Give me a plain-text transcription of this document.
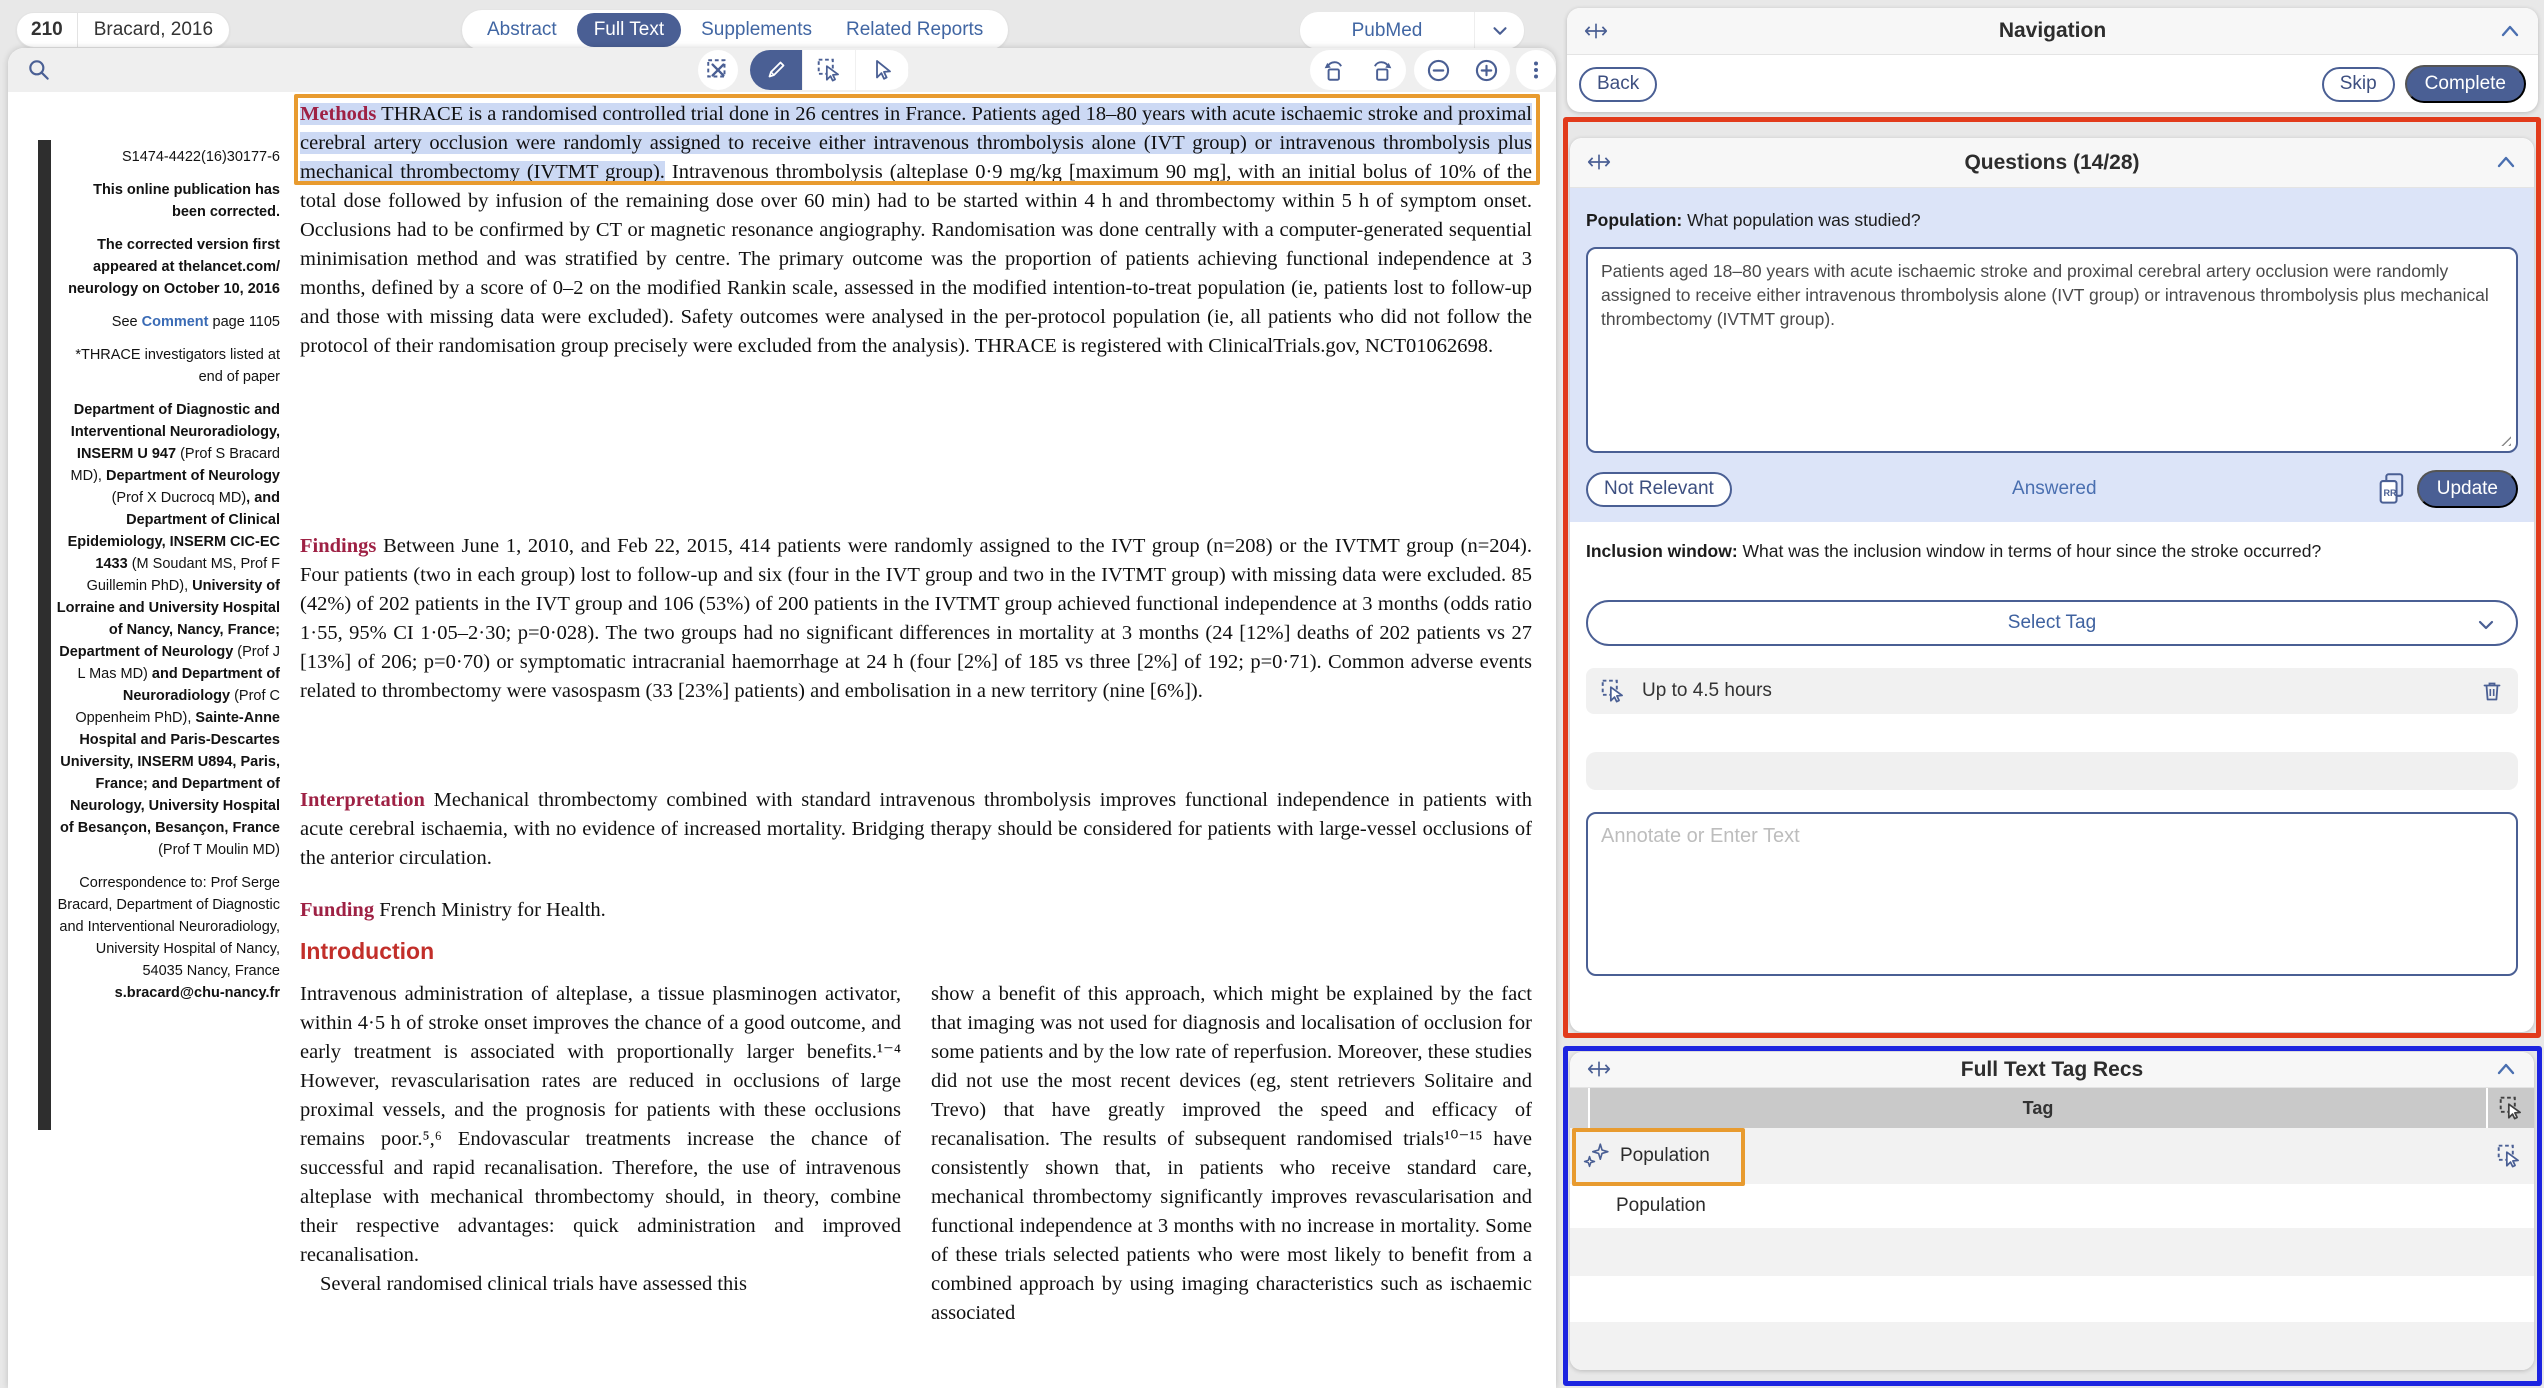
210	Bracard, 2016	Abstract	Full Text	Supplements	Related Reports	PubMed
S1474-4422(16)30177-6
This online publication has been corrected.
The corrected version first appeared at thelancet.com/ neurology on October 10, 2016
See Comment page 1105
*THRACE investigators listed at end of paper
Department of Diagnostic and Interventional Neuroradiology, INSERM U 947 (Prof S Bracard MD), Department of Neurology (Prof X Ducrocq MD), and Department of Clinical Epidemiology, INSERM CIC-EC 1433 (M Soudant MS, Prof F Guillemin PhD), University of Lorraine and University Hospital of Nancy, Nancy, France; Department of Neurology (Prof J L Mas MD) and Department of Neuroradiology (Prof C Oppenheim PhD), Sainte-Anne Hospital and Paris-Descartes University, INSERM U894, Paris, France; and Department of Neurology, University Hospital of Besançon, Besançon, France (Prof T Moulin MD)
Correspondence to: Prof Serge Bracard, Department of Diagnostic and Interventional Neuroradiology, University Hospital of Nancy, 54035 Nancy, France s.bracard@chu-nancy.fr
Methods THRACE is a randomised controlled trial done in 26 centres in France. Patients aged 18–80 years with acute ischaemic stroke and proximal cerebral artery occlusion were randomly assigned to receive either intravenous thrombolysis alone (IVT group) or intravenous thrombolysis plus mechanical thrombectomy (IVTMT group). Intravenous thrombolysis (alteplase 0·9 mg/kg [maximum 90 mg], with an initial bolus of 10% of the total dose followed by infusion of the remaining dose over 60 min) had to be started within 4 h and thrombectomy within 5 h of symptom onset. Occlusions had to be confirmed by CT or magnetic resonance angiography. Randomisation was done centrally with a computer-generated sequential minimisation method and was stratified by centre. The primary outcome was the proportion of patients achieving functional independence at 3 months, defined by a score of 0–2 on the modified Rankin scale, assessed in the modified intention-to-treat population (ie, patients lost to follow-up and those with missing data were excluded). Safety outcomes were analysed in the per-protocol population (ie, all patients who did not follow the protocol of their randomisation group precisely were excluded from the analysis). THRACE is registered with ClinicalTrials.gov, NCT01062698.
Findings Between June 1, 2010, and Feb 22, 2015, 414 patients were randomly assigned to the IVT group (n=208) or the IVTMT group (n=204). Four patients (two in each group) lost to follow-up and six (four in the IVT group and two in the IVTMT group) with missing data were excluded. 85 (42%) of 202 patients in the IVT group and 106 (53%) of 200 patients in the IVTMT group achieved functional independence at 3 months (odds ratio 1·55, 95% CI 1·05–2·30; p=0·028). The two groups had no significant differences in mortality at 3 months (24 [12%] deaths of 202 patients vs 27 [13%] of 206; p=0·70) or symptomatic intracranial haemorrhage at 24 h (four [2%] of 185 vs three [2%] of 192; p=0·71). Common adverse events related to thrombectomy were vasospasm (33 [23%] patients) and embolisation in a new territory (nine [6%]).
Interpretation Mechanical thrombectomy combined with standard intravenous thrombolysis improves functional independence in patients with acute cerebral ischaemia, with no evidence of increased mortality. Bridging therapy should be considered for patients with large-vessel occlusions of the anterior circulation.
Funding French Ministry for Health.
Introduction

Intravenous administration of alteplase, a tissue plasminogen activator, within 4·5 h of stroke onset improves the chance of a good outcome, and early treatment is associated with proportionally larger benefits.¹⁻⁴ However, revascularisation rates are reduced in occlusions of large proximal vessels, and the prognosis for patients with these occlusions remains poor.⁵,⁶ Endovascular treatments increase the chance of successful and rapid recanalisation. Therefore, the use of intravenous alteplase with mechanical thrombectomy should, in theory, combine their respective advantages: quick administration and improved recanalisation.

Several randomised clinical trials have assessed this

show a benefit of this approach, which might be explained by the fact that imaging was not used for diagnosis and localisation of occlusion for some patients and by the low rate of reperfusion. Moreover, these studies did not use the most recent devices (eg, stent retrievers Solitaire and Trevo) that have greatly improved the speed and efficacy of recanalisation. The results of subsequent randomised trials¹⁰⁻¹⁵ have consistently shown that, in patients who receive standard care, mechanical thrombectomy significantly improves revascularisation and functional independence at 3 months with no increase in mortality. Some of these trials selected patients who were most likely to benefit from a combined approach by using imaging characteristics such as ischaemic associated

Navigation
Back	Skip	Complete
Questions (14/28)
Population: What population was studied?
Patients aged 18–80 years with acute ischaemic stroke and proximal cerebral artery occlusion were randomly assigned to receive either intravenous thrombolysis alone (IVT group) or intravenous thrombolysis plus mechanical thrombectomy (IVTMT group).
Not Relevant	Answered	RR	Update
Inclusion window: What was the inclusion window in terms of hour since the stroke occurred?
Select Tag
Up to 4.5 hours
Annotate or Enter Text
Full Text Tag Recs
Tag
Population
Population
